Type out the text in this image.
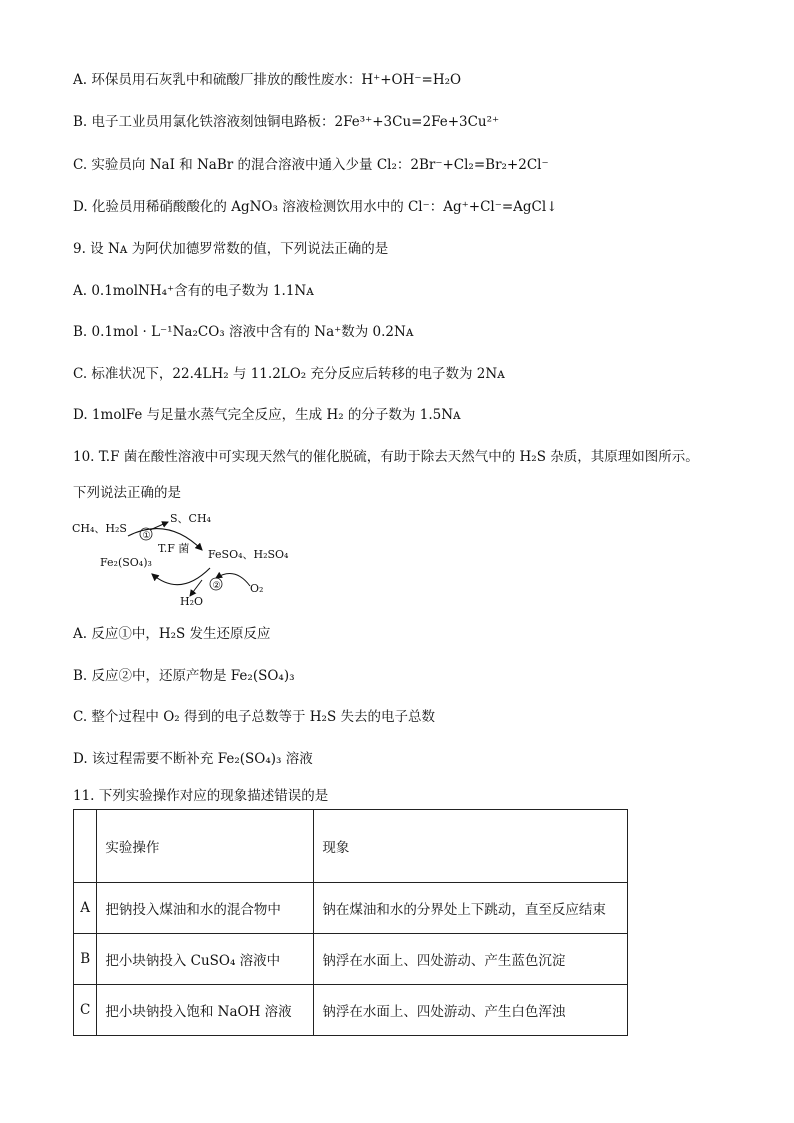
A. 环保员用石灰乳中和硫酸厂排放的酸性废水：H⁺+OH⁻=H₂O
B. 电子工业员用氯化铁溶液刻蚀铜电路板：2Fe³⁺+3Cu=2Fe+3Cu²⁺
C. 实验员向 NaI 和 NaBr 的混合溶液中通入少量 Cl₂：2Br⁻+Cl₂=Br₂+2Cl⁻
D. 化验员用稀硝酸酸化的 AgNO₃ 溶液检测饮用水中的 Cl⁻：Ag⁺+Cl⁻=AgCl↓
9. 设 Nᴀ 为阿伏加德罗常数的值，下列说法正确的是
A. 0.1molNH₄⁺含有的电子数为 1.1Nᴀ
B. 0.1mol · L⁻¹Na₂CO₃ 溶液中含有的 Na⁺数为 0.2Nᴀ
C. 标准状况下，22.4LH₂ 与 11.2LO₂ 充分反应后转移的电子数为 2Nᴀ
D. 1molFe 与足量水蒸气完全反应，生成 H₂ 的分子数为 1.5Nᴀ
10. T.F 菌在酸性溶液中可实现天然气的催化脱硫，有助于除去天然气中的 H₂S 杂质，其原理如图所示。
下列说法正确的是
CH₄、H₂S
S、CH₄
①
T.F 菌
Fe₂(SO₄)₃
FeSO₄、H₂SO₄
②	O₂
H₂O
A. 反应①中，H₂S 发生还原反应
B. 反应②中，还原产物是 Fe₂(SO₄)₃
C. 整个过程中 O₂ 得到的电子总数等于 H₂S 失去的电子总数
D. 该过程需要不断补充 Fe₂(SO₄)₃ 溶液
11. 下列实验操作对应的现象描述错误的是
	实验操作	现象
A	把钠投入煤油和水的混合物中	钠在煤油和水的分界处上下跳动，直至反应结束
B	把小块钠投入 CuSO₄ 溶液中	钠浮在水面上、四处游动、产生蓝色沉淀
C	把小块钠投入饱和 NaOH 溶液	钠浮在水面上、四处游动、产生白色浑浊
